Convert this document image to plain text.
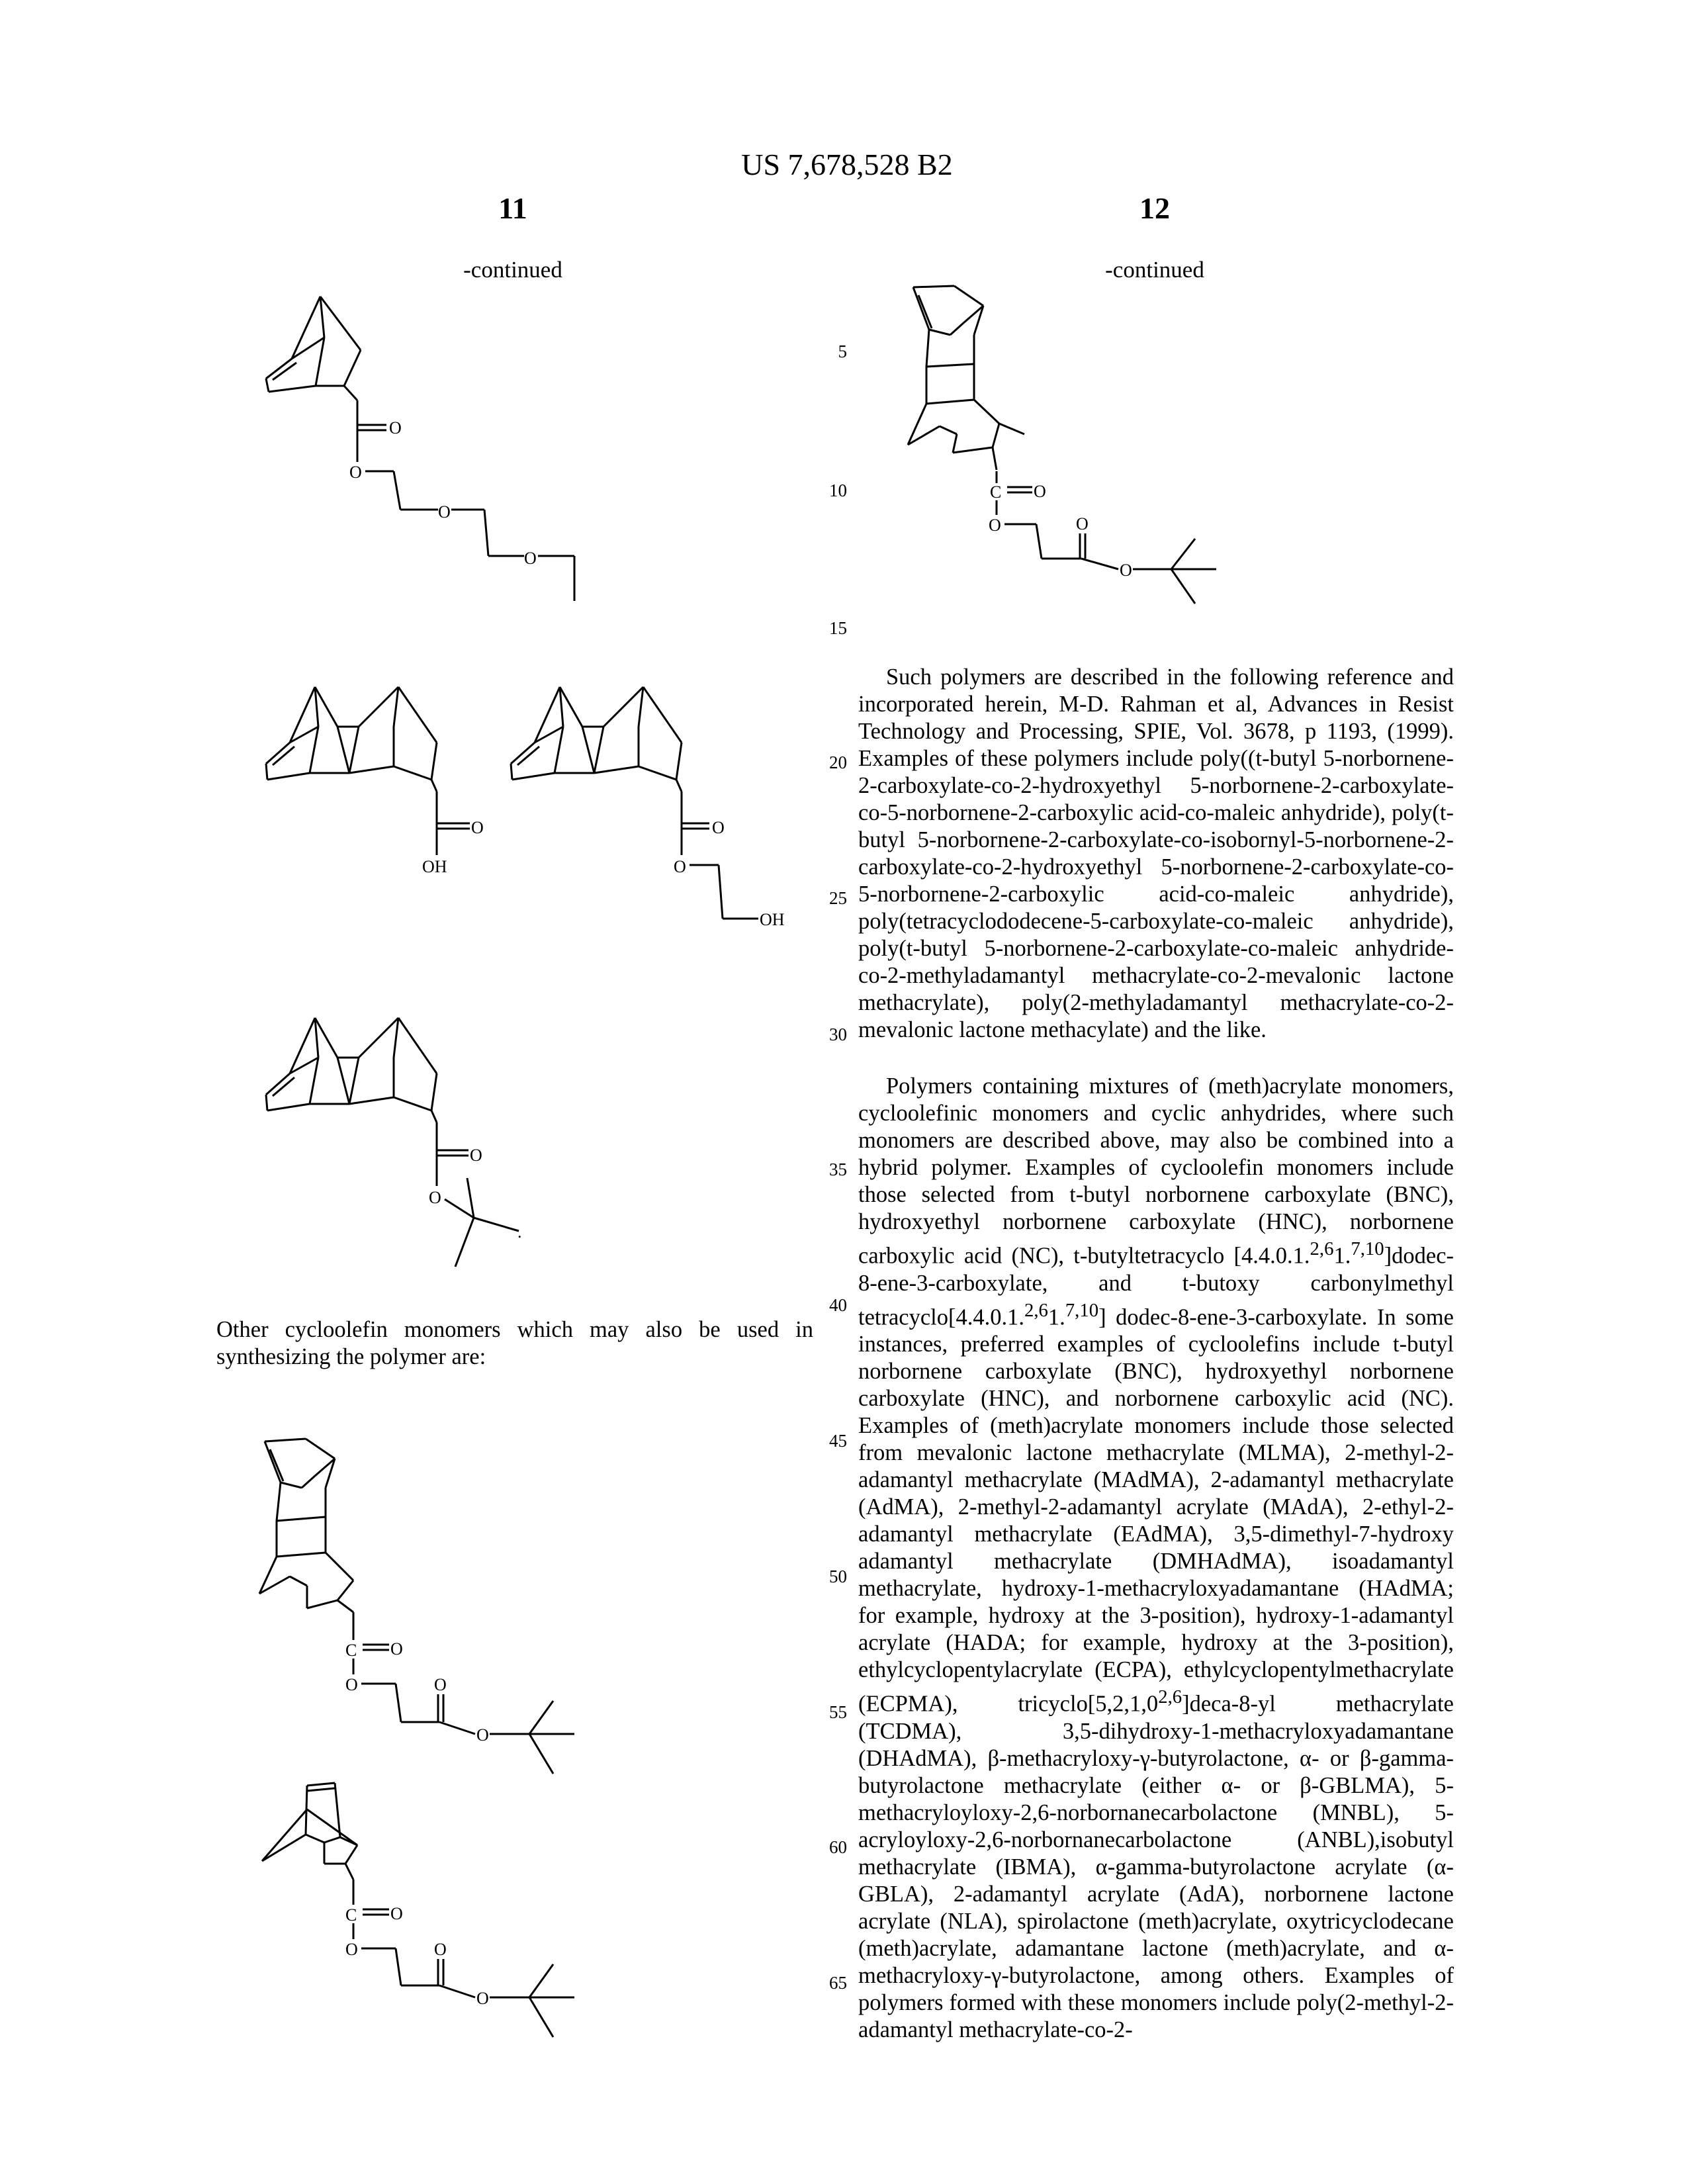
US 7,678,528 B2
11	12
-continued	-continued
O
O
O
O
O
OH
O
O
OH
O
O
.

Other cycloolefin monomers which may also be used in synthesizing the polymer are:

C O
O	O
O
C O
O	O
O
C O
O	O
O
5
10
15
20
25
30
35
40
45
50
55
60
65

Such polymers are described in the following reference and incorporated herein, M-D. Rahman et al, Advances in Resist Technology and Processing, SPIE, Vol. 3678, p 1193, (1999). Examples of these polymers include poly((t-butyl 5-norbornene-2-carboxylate-co-2-hydroxyethyl 5-norbornene-2-carboxylate-co-5-norbornene-2-carboxylic acid-co-maleic anhydride), poly(t-butyl 5-norbornene-2-carboxylate-co-isobornyl-5-norbornene-2-carboxylate-co-2-hydroxyethyl 5-norbornene-2-carboxylate-co-5-norbornene-2-carboxylic acid-co-maleic anhydride), poly(tetracyclododecene-5-carboxylate-co-maleic anhydride), poly(t-butyl 5-norbornene-2-carboxylate-co-maleic anhydride-co-2-methyladamantyl methacrylate-co-2-mevalonic lactone methacrylate), poly(2-methyladamantyl methacrylate-co-2-mevalonic lactone methacylate) and the like.

Polymers containing mixtures of (meth)acrylate monomers, cycloolefinic monomers and cyclic anhydrides, where such monomers are described above, may also be combined into a hybrid polymer. Examples of cycloolefin monomers include those selected from t-butyl norbornene carboxylate (BNC), hydroxyethyl norbornene carboxylate (HNC), norbornene carboxylic acid (NC), t-butyltetracyclo [4.4.0.1.2,61.7,10]dodec-8-ene-3-carboxylate, and t-butoxy carbonylmethyl tetracyclo[4.4.0.1.2,61.7,10] dodec-8-ene-3-carboxylate. In some instances, preferred examples of cycloolefins include t-butyl norbornene carboxylate (BNC), hydroxyethyl norbornene carboxylate (HNC), and norbornene carboxylic acid (NC). Examples of (meth)acrylate monomers include those selected from mevalonic lactone methacrylate (MLMA), 2-methyl-2-adamantyl methacrylate (MAdMA), 2-adamantyl methacrylate (AdMA), 2-methyl-2-adamantyl acrylate (MAdA), 2-ethyl-2-adamantyl methacrylate (EAdMA), 3,5-dimethyl-7-hydroxy adamantyl methacrylate (DMHAdMA), isoadamantyl methacrylate, hydroxy-1-methacryloxyadamantane (HAdMA; for example, hydroxy at the 3-position), hydroxy-1-adamantyl acrylate (HADA; for example, hydroxy at the 3-position), ethylcyclopentylacrylate (ECPA), ethylcyclopentylmethacrylate (ECPMA), tricyclo[5,2,1,02,6]deca-8-yl methacrylate (TCDMA), 3,5-dihydroxy-1-methacryloxyadamantane (DHAdMA), β-methacryloxy-γ-butyrolactone, α- or β-gamma-butyrolactone methacrylate (either α- or β-GBLMA), 5-methacryloyloxy-2,6-norbornanecarbolactone (MNBL), 5-acryloyloxy-2,6-norbornanecarbolactone (ANBL),isobutyl methacrylate (IBMA), α-gamma-butyrolactone acrylate (α-GBLA), 2-adamantyl acrylate (AdA), norbornene lactone acrylate (NLA), spirolactone (meth)acrylate, oxytricyclodecane (meth)acrylate, adamantane lactone (meth)acrylate, and α-methacryloxy-γ-butyrolactone, among others. Examples of polymers formed with these monomers include poly(2-methyl-2-adamantyl methacrylate-co-2-
